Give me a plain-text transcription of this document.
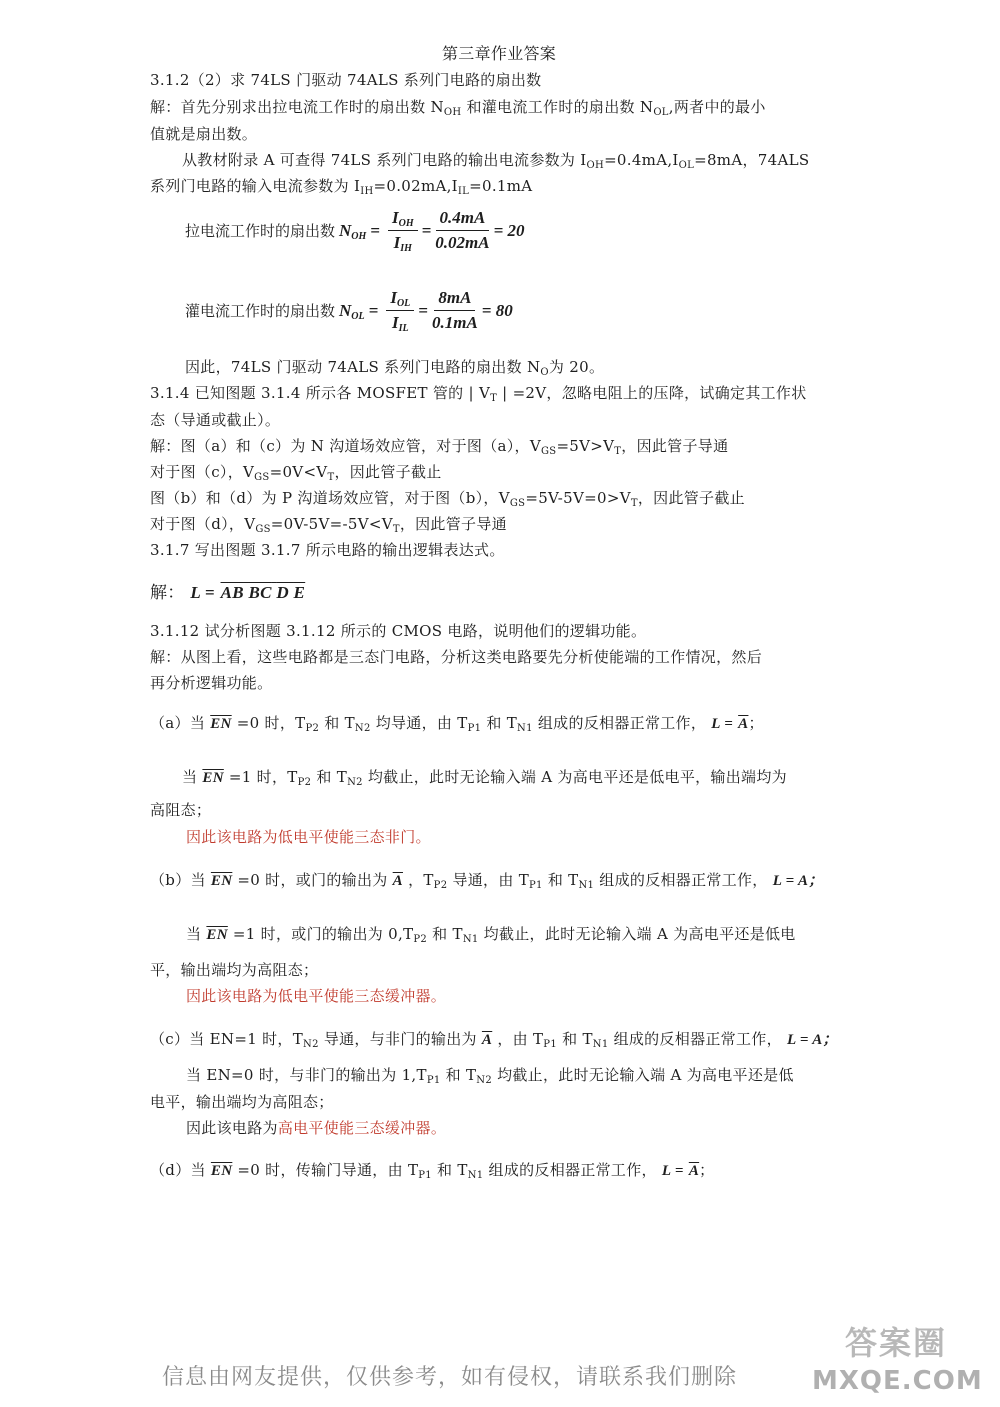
第三章作业答案
3.1.2（2）求 74LS 门驱动 74ALS 系列门电路的扇出数
解：首先分别求出拉电流工作时的扇出数 $N_{OH}$ 和灌电流工作时的扇出数 $N_{OL}$,两者中的最小
值就是扇出数。
从教材附录 A 可查得 74LS 系列门电路的输出电流参数为 $I_{OH}=0.4mA,I_{OL}=8mA$，74ALS
系列门电路的输入电流参数为 $I_{IH}=0.02mA,I_{IL}=0.1mA$
拉电流工作时的扇出数 $N_{OH} = \frac{I_{OH}}{I_{IH}} = \frac{0.4mA}{0.02mA} = 20$
灌电流工作时的扇出数 $N_{OL} = \frac{I_{OL}}{I_{IL}} = \frac{8mA}{0.1mA} = 80$
因此，74LS 门驱动 74ALS 系列门电路的扇出数 $N_O$为 20。
3.1.4 已知图题 3.1.4 所示各 MOSFET 管的 | $V_T$ | =2V，忽略电阻上的压降，试确定其工作状
态（导通或截止）。
解：图（a）和（c）为 N 沟道场效应管，对于图（a），$V_{GS}=5V>V_T$，因此管子导通
对于图（c），$V_{GS}=0V<V_T$，因此管子截止
图（b）和（d）为 P 沟道场效应管，对于图（b），$V_{GS}=5V-5V=0>V_T$，因此管子截止
对于图（d），$V_{GS}=0V-5V=-5V<V_T$，因此管子导通
3.1.7 写出图题 3.1.7 所示电路的输出逻辑表达式。
解： L = AB BC D E
3.1.12 试分析图题 3.1.12 所示的 CMOS 电路，说明他们的逻辑功能。
解：从图上看，这些电路都是三态门电路，分析这类电路要先分析使能端的工作情况，然后
再分析逻辑功能。
（a）当 $\overline{EN} =0$ 时，$T_{P2}$ 和 $T_{N2}$ 均导通，由 $T_{P1}$ 和 $T_{N1}$ 组成的反相器正常工作， $L = \overline{A}$；
当 $\overline{EN} =1$ 时，$T_{P2}$ 和 $T_{N2}$ 均截止，此时无论输入端 A 为高电平还是低电平，输出端均为
高阻态；
因此该电路为低电平使能三态非门。
（b）当 $\overline{EN} =0$ 时，或门的输出为 $\overline{A}$ ，$T_{P2}$ 导通，由 $T_{P1}$ 和 $T_{N1}$ 组成的反相器正常工作， L = A；
当 $\overline{EN} =1$ 时，或门的输出为 $0,T_{P2}$ 和 $T_{N1}$ 均截止，此时无论输入端 A 为高电平还是低电
平，输出端均为高阻态；
因此该电路为低电平使能三态缓冲器。
（c）当 EN=1 时，$T_{N2}$ 导通，与非门的输出为 $\overline{A}$ ，由 $T_{P1}$ 和 $T_{N1}$ 组成的反相器正常工作， L = A；
当 EN=0 时，与非门的输出为 $1,T_{P1}$ 和 $T_{N2}$ 均截止，此时无论输入端 A 为高电平还是低
电平，输出端均为高阻态；
因此该电路为高电平使能三态缓冲器。
（d）当 $\overline{EN} =0$ 时，传输门导通，由 $T_{P1}$ 和 $T_{N1}$ 组成的反相器正常工作， $L = \overline{A}$；
信息由网友提供，仅供参考，如有侵权，请联系我们删除
答案圈
MXQE.COM
